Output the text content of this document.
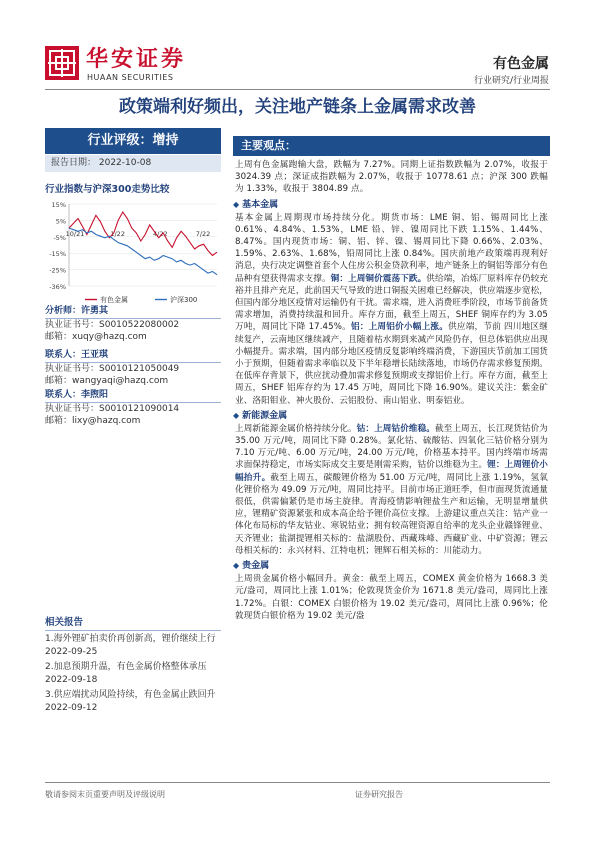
华安证券
HUAAN SECURITIES
有色金属
行业研究/行业周报
政策端利好频出，关注地产链条上金属需求改善
行业评级：增持
报告日期： 2022-10-08
行业指数与沪深300走势比较
15%
5%
-5%
-15%
-25%
-36%
10/21	1/22	4/22	7/22
有色金属	沪深300
分析师：许勇其
执业证书号：S0010522080002
邮箱：xuqy@hazq.com
联系人：王亚琪
执业证书号：S0010121050049
邮箱：wangyaqi@hazq.com
联系人：李煦阳
执业证书号：S0010121090014
邮箱：lixy@hazq.com
相关报告
1.海外锂矿拍卖价再创新高，锂价继续上行 2022-09-25
2.加息预期升温，有色金属价格整体承压 2022-09-18
3.供应端扰动风险持续，有色金属止跌回升 2022-09-12
主要观点：
上周有色金属跑输大盘，跌幅为 7.27%。同期上证指数跌幅为 2.07%，收报于 3024.39 点；深证成指跌幅为 2.07%，收报于 10778.61 点；沪深 300 跌幅为 1.33%，收报于 3804.89 点。
◆ 基本金属
基本金属上周期现市场持续分化。期货市场：LME 铜、铝、锡周同比上涨 0.61%、4.84%、1.53%，LME 铅、锌、镍周同比下跌 1.15%、1.44%、8.47%。国内现货市场：铜、铝、锌、镍、锡周同比下降 0.66%、2.03%、1.59%、2.63%、1.68%，铅周同比上涨 0.84%。国庆前地产政策端再现利好消息，央行决定调整首套个人住房公积金贷款利率，地产链条上的铜铝等部分有色品种有望获得需求支撑。铜：上周铜价震荡下跌。供给端，冶炼厂原料库存仍较充裕并且排产充足，此前国天气导致的进口铜报关困难已经解决，供应端逐步宽松，但国内部分地区疫情对运输仍有干扰。需求端，进入消费旺季阶段，市场节前备货需求增加，消费持续温和回升。库存方面，截至上周五，SHEF 铜库存约为 3.05 万吨，周同比下降 17.45%。铝：上周铝价小幅上涨。供应端，节前 四川地区继续复产，云南地区继续减产，且随着枯水期到来减产风险仍存，但总体铝供应出现小幅提升。需求端，国内部分地区疫情反复影响终端消费，下游国庆节前加工国货小于预期，但随着需求率临以及下半年稳增长陆续落地，市场仍存需求修复预期。在低库存背景下，供应扰动叠加需求修复预期或支撑铝价上行。库存方面，截至上周五，SHEF 铝库存约为 17.45 万吨，周同比下降 16.90%。建议关注：紫金矿业、洛阳钼业、神火股份、云铝股份、南山铝业、明泰铝业。
◆ 新能源金属
上周新能源金属价格持续分化。钴：上周钴价维稳。截至上周五，长江现货钴价为 35.00 万元/吨，周同比下降 0.28%。氯化钴、硫酸钴、四氧化三钴价格分别为 7.10 万元/吨、6.00 万元/吨，24.00 万元/吨，价格基本持平。国内终端市场需求面保持稳定，市场实际成交主要是刚需采购，钴价以维稳为主。锂：上周锂价小幅抬升。截至上周五，碳酸锂价格为 51.00 万元/吨，周同比上涨 1.19%，氢氧化锂价格为 49.09 万元/吨，周同比持平。目前市场正道旺季，但市面现货流通量很低，供需偏紧仍是市场主旋律。青海疫情影响锂盐生产和运输，无明显增量供应，锂精矿资源紧张和成本高企给予锂价高位支撑。上游建议重点关注：钴产业一体化布局标的华友钴业、寒锐钴业；拥有较高锂资源自给率的龙头企业赣锋锂业、天齐锂业；盐湖提锂相关标的：盐湖股份、西藏珠峰、西藏矿业、中矿资源；锂云母相关标的：永兴材料、江特电机；锂辉石相关标的：川能动力。
◆ 贵金属
上周贵金属价格小幅回升。黄金：截至上周五，COMEX 黄金价格为 1668.3 美元/盎司，周同比上涨 1.01%；伦敦现货金价为 1671.8 美元/盎司，周同比上涨 1.72%。白银：COMEX 白银价格为 19.02 美元/盎司，周同比上涨 0.96%；伦敦现货白银价格为 19.02 美元/盎
敬请参阅末页重要声明及评级说明	证券研究报告
